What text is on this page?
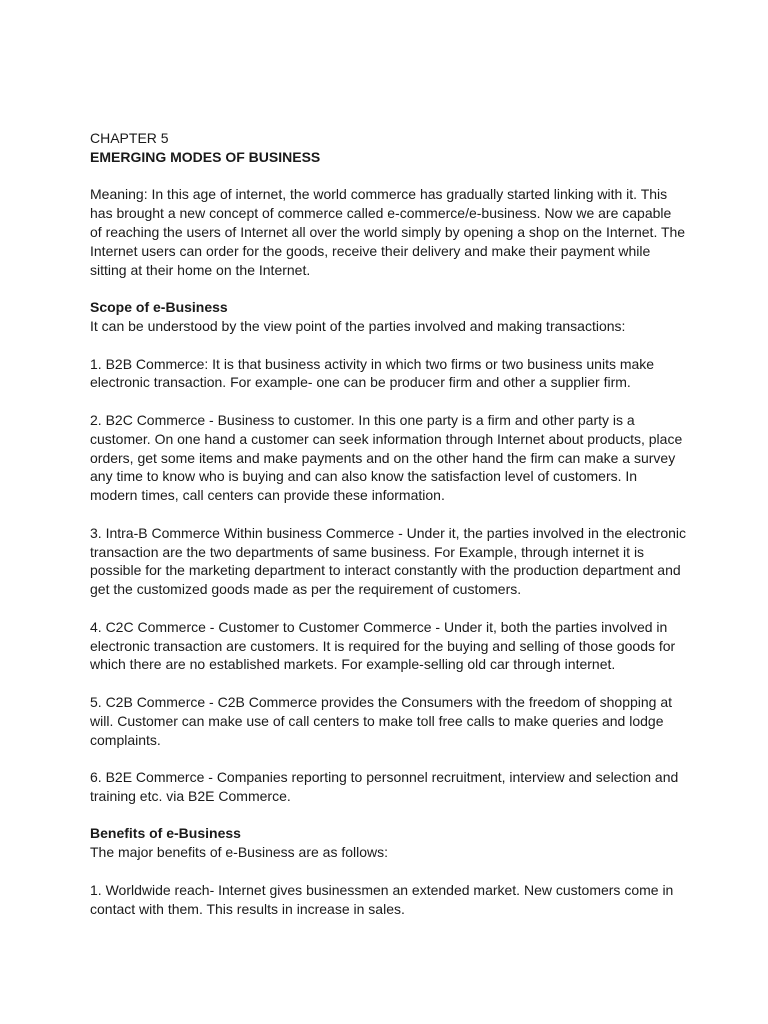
CHAPTER 5
EMERGING MODES OF BUSINESS
Meaning: In this age of internet, the world commerce has gradually started linking with it. This
has brought a new concept of commerce called e-commerce/e-business. Now we are capable
of reaching the users of Internet all over the world simply by opening a shop on the Internet. The
Internet users can order for the goods, receive their delivery and make their payment while
sitting at their home on the Internet.
Scope of e-Business
It can be understood by the view point of the parties involved and making transactions:
1. B2B Commerce: It is that business activity in which two firms or two business units make
electronic transaction. For example- one can be producer firm and other a supplier firm.
2. B2C Commerce - Business to customer. In this one party is a firm and other party is a
customer. On one hand a customer can seek information through Internet about products, place
orders, get some items and make payments and on the other hand the firm can make a survey
any time to know who is buying and can also know the satisfaction level of customers. In
modern times, call centers can provide these information.
3. Intra-B Commerce Within business Commerce - Under it, the parties involved in the electronic
transaction are the two departments of same business. For Example, through internet it is
possible for the marketing department to interact constantly with the production department and
get the customized goods made as per the requirement of customers.
4. C2C Commerce - Customer to Customer Commerce - Under it, both the parties involved in
electronic transaction are customers. It is required for the buying and selling of those goods for
which there are no established markets. For example-selling old car through internet.
5. C2B Commerce - C2B Commerce provides the Consumers with the freedom of shopping at
will. Customer can make use of call centers to make toll free calls to make queries and lodge
complaints.
6. B2E Commerce - Companies reporting to personnel recruitment, interview and selection and
training etc. via B2E Commerce.
Benefits of e-Business
The major benefits of e-Business are as follows:
1. Worldwide reach- Internet gives businessmen an extended market. New customers come in
contact with them. This results in increase in sales.
